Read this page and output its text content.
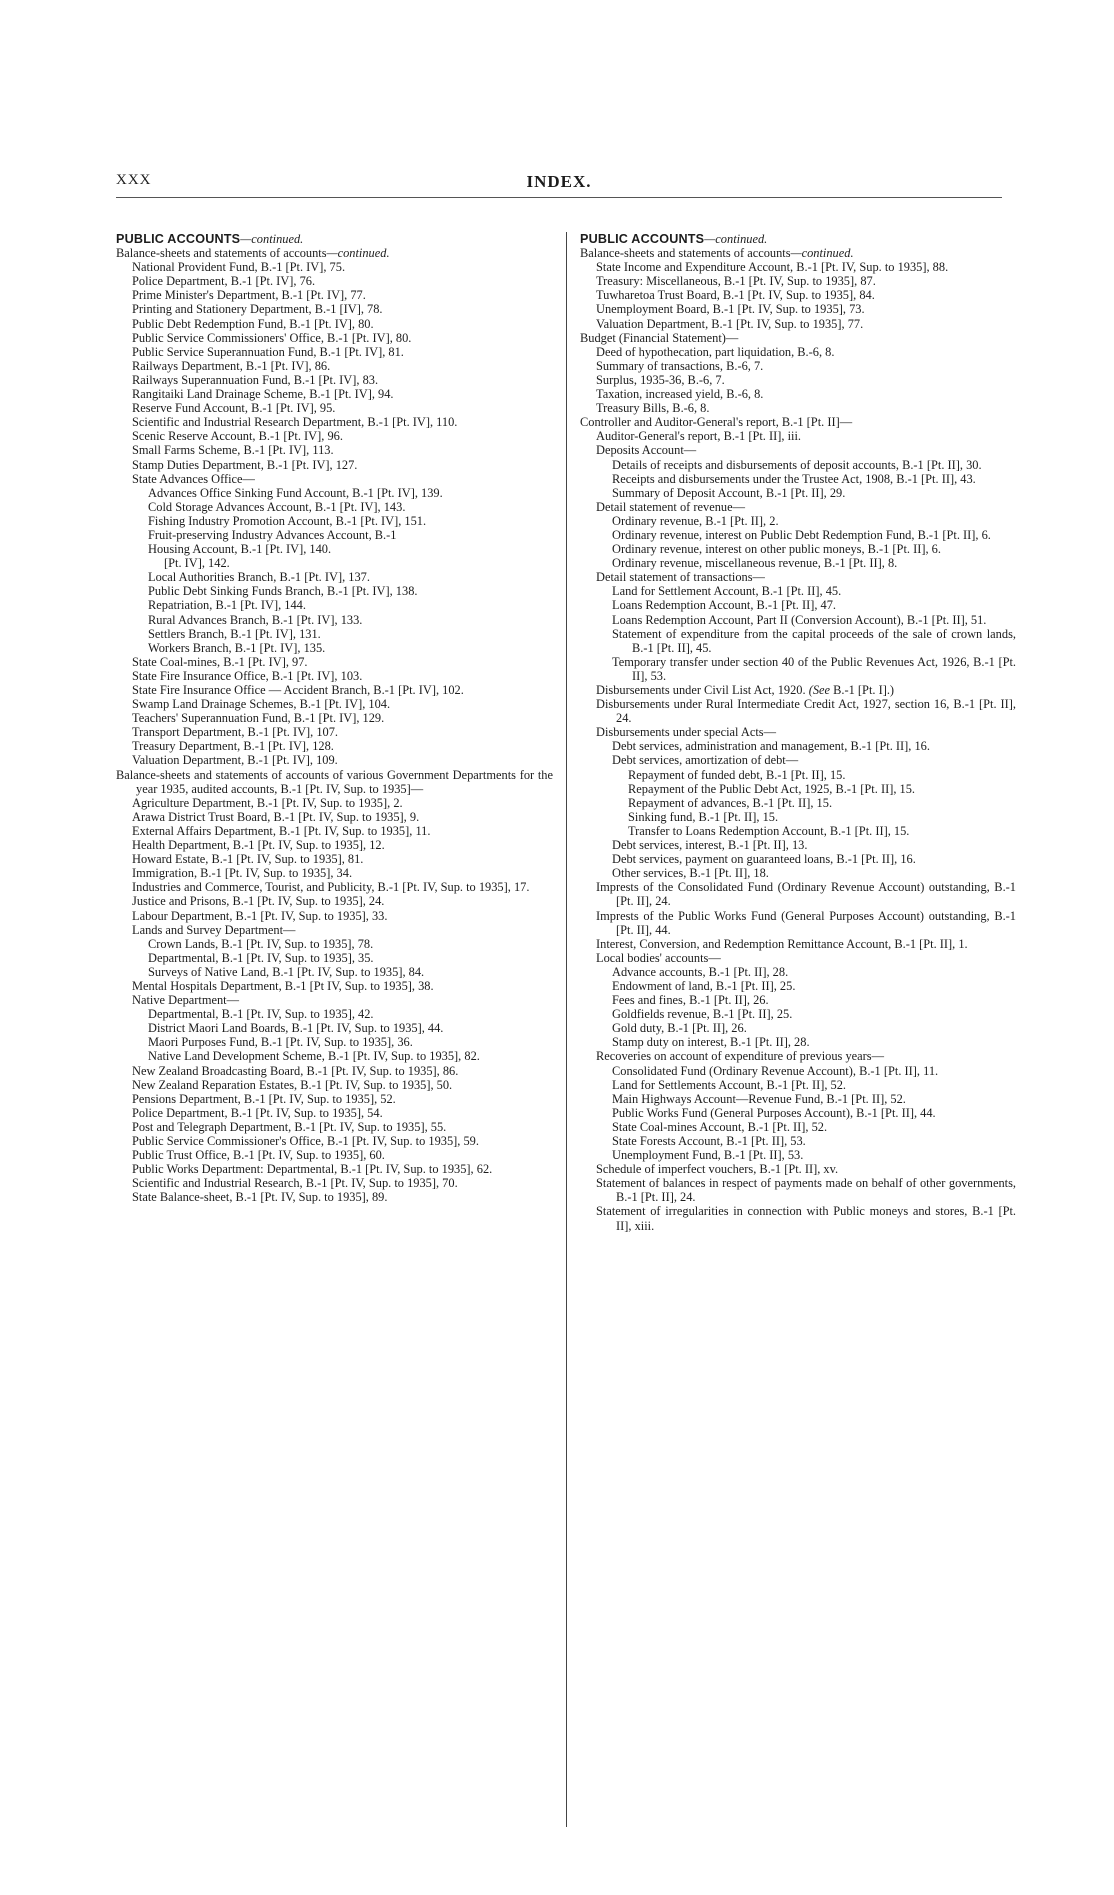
XXX	INDEX.

PUBLIC ACCOUNTS—continued.

Balance-sheets and statements of accounts—continued.

National Provident Fund, B.-1 [Pt. IV], 75.

Police Department, B.-1 [Pt. IV], 76.

Prime Minister's Department, B.-1 [Pt. IV], 77.

Printing and Stationery Department, B.-1 [IV], 78.

Public Debt Redemption Fund, B.-1 [Pt. IV], 80.

Public Service Commissioners' Office, B.-1 [Pt. IV], 80.

Public Service Superannuation Fund, B.-1 [Pt. IV], 81.

Railways Department, B.-1 [Pt. IV], 86.

Railways Superannuation Fund, B.-1 [Pt. IV], 83.

Rangitaiki Land Drainage Scheme, B.-1 [Pt. IV], 94.

Reserve Fund Account, B.-1 [Pt. IV], 95.

Scientific and Industrial Research Department, B.-1 [Pt. IV], 110.

Scenic Reserve Account, B.-1 [Pt. IV], 96.

Small Farms Scheme, B.-1 [Pt. IV], 113.

Stamp Duties Department, B.-1 [Pt. IV], 127.

State Advances Office—

Advances Office Sinking Fund Account, B.-1 [Pt. IV], 139.

Cold Storage Advances Account, B.-1 [Pt. IV], 143.

Fishing Industry Promotion Account, B.-1 [Pt. IV], 151.

Fruit-preserving Industry Advances Account, B.-1

Housing Account, B.-1 [Pt. IV], 140.

[Pt. IV], 142.

Local Authorities Branch, B.-1 [Pt. IV], 137.

Public Debt Sinking Funds Branch, B.-1 [Pt. IV], 138.

Repatriation, B.-1 [Pt. IV], 144.

Rural Advances Branch, B.-1 [Pt. IV], 133.

Settlers Branch, B.-1 [Pt. IV], 131.

Workers Branch, B.-1 [Pt. IV], 135.

State Coal-mines, B.-1 [Pt. IV], 97.

State Fire Insurance Office, B.-1 [Pt. IV], 103.

State Fire Insurance Office — Accident Branch, B.-1 [Pt. IV], 102.

Swamp Land Drainage Schemes, B.-1 [Pt. IV], 104.

Teachers' Superannuation Fund, B.-1 [Pt. IV], 129.

Transport Department, B.-1 [Pt. IV], 107.

Treasury Department, B.-1 [Pt. IV], 128.

Valuation Department, B.-1 [Pt. IV], 109.

Balance-sheets and statements of accounts of various Government Departments for the year 1935, audited accounts, B.-1 [Pt. IV, Sup. to 1935]—

Agriculture Department, B.-1 [Pt. IV, Sup. to 1935], 2.

Arawa District Trust Board, B.-1 [Pt. IV, Sup. to 1935], 9.

External Affairs Department, B.-1 [Pt. IV, Sup. to 1935], 11.

Health Department, B.-1 [Pt. IV, Sup. to 1935], 12.

Howard Estate, B.-1 [Pt. IV, Sup. to 1935], 81.

Immigration, B.-1 [Pt. IV, Sup. to 1935], 34.

Industries and Commerce, Tourist, and Publicity, B.-1 [Pt. IV, Sup. to 1935], 17.

Justice and Prisons, B.-1 [Pt. IV, Sup. to 1935], 24.

Labour Department, B.-1 [Pt. IV, Sup. to 1935], 33.

Lands and Survey Department—

Crown Lands, B.-1 [Pt. IV, Sup. to 1935], 78.

Departmental, B.-1 [Pt. IV, Sup. to 1935], 35.

Surveys of Native Land, B.-1 [Pt. IV, Sup. to 1935], 84.

Mental Hospitals Department, B.-1 [Pt IV, Sup. to 1935], 38.

Native Department—

Departmental, B.-1 [Pt. IV, Sup. to 1935], 42.

District Maori Land Boards, B.-1 [Pt. IV, Sup. to 1935], 44.

Maori Purposes Fund, B.-1 [Pt. IV, Sup. to 1935], 36.

Native Land Development Scheme, B.-1 [Pt. IV, Sup. to 1935], 82.

New Zealand Broadcasting Board, B.-1 [Pt. IV, Sup. to 1935], 86.

New Zealand Reparation Estates, B.-1 [Pt. IV, Sup. to 1935], 50.

Pensions Department, B.-1 [Pt. IV, Sup. to 1935], 52.

Police Department, B.-1 [Pt. IV, Sup. to 1935], 54.

Post and Telegraph Department, B.-1 [Pt. IV, Sup. to 1935], 55.

Public Service Commissioner's Office, B.-1 [Pt. IV, Sup. to 1935], 59.

Public Trust Office, B.-1 [Pt. IV, Sup. to 1935], 60.

Public Works Department: Departmental, B.-1 [Pt. IV, Sup. to 1935], 62.

Scientific and Industrial Research, B.-1 [Pt. IV, Sup. to 1935], 70.

State Balance-sheet, B.-1 [Pt. IV, Sup. to 1935], 89.

PUBLIC ACCOUNTS—continued.

Balance-sheets and statements of accounts—continued.

State Income and Expenditure Account, B.-1 [Pt. IV, Sup. to 1935], 88.

Treasury: Miscellaneous, B.-1 [Pt. IV, Sup. to 1935], 87.

Tuwharetoa Trust Board, B.-1 [Pt. IV, Sup. to 1935], 84.

Unemployment Board, B.-1 [Pt. IV, Sup. to 1935], 73.

Valuation Department, B.-1 [Pt. IV, Sup. to 1935], 77.

Budget (Financial Statement)—

Deed of hypothecation, part liquidation, B.-6, 8.

Summary of transactions, B.-6, 7.

Surplus, 1935-36, B.-6, 7.

Taxation, increased yield, B.-6, 8.

Treasury Bills, B.-6, 8.

Controller and Auditor-General's report, B.-1 [Pt. II]—

Auditor-General's report, B.-1 [Pt. II], iii.

Deposits Account—

Details of receipts and disbursements of deposit accounts, B.-1 [Pt. II], 30.

Receipts and disbursements under the Trustee Act, 1908, B.-1 [Pt. II], 43.

Summary of Deposit Account, B.-1 [Pt. II], 29.

Detail statement of revenue—

Ordinary revenue, B.-1 [Pt. II], 2.

Ordinary revenue, interest on Public Debt Redemption Fund, B.-1 [Pt. II], 6.

Ordinary revenue, interest on other public moneys, B.-1 [Pt. II], 6.

Ordinary revenue, miscellaneous revenue, B.-1 [Pt. II], 8.

Detail statement of transactions—

Land for Settlement Account, B.-1 [Pt. II], 45.

Loans Redemption Account, B.-1 [Pt. II], 47.

Loans Redemption Account, Part II (Conversion Account), B.-1 [Pt. II], 51.

Statement of expenditure from the capital proceeds of the sale of crown lands, B.-1 [Pt. II], 45.

Temporary transfer under section 40 of the Public Revenues Act, 1926, B.-1 [Pt. II], 53.

Disbursements under Civil List Act, 1920. (See B.-1 [Pt. I].)

Disbursements under Rural Intermediate Credit Act, 1927, section 16, B.-1 [Pt. II], 24.

Disbursements under special Acts—

Debt services, administration and management, B.-1 [Pt. II], 16.

Debt services, amortization of debt—

Repayment of funded debt, B.-1 [Pt. II], 15.

Repayment of the Public Debt Act, 1925, B.-1 [Pt. II], 15.

Repayment of advances, B.-1 [Pt. II], 15.

Sinking fund, B.-1 [Pt. II], 15.

Transfer to Loans Redemption Account, B.-1 [Pt. II], 15.

Debt services, interest, B.-1 [Pt. II], 13.

Debt services, payment on guaranteed loans, B.-1 [Pt. II], 16.

Other services, B.-1 [Pt. II], 18.

Imprests of the Consolidated Fund (Ordinary Revenue Account) outstanding, B.-1 [Pt. II], 24.

Imprests of the Public Works Fund (General Purposes Account) outstanding, B.-1 [Pt. II], 44.

Interest, Conversion, and Redemption Remittance Account, B.-1 [Pt. II], 1.

Local bodies' accounts—

Advance accounts, B.-1 [Pt. II], 28.

Endowment of land, B.-1 [Pt. II], 25.

Fees and fines, B.-1 [Pt. II], 26.

Goldfields revenue, B.-1 [Pt. II], 25.

Gold duty, B.-1 [Pt. II], 26.

Stamp duty on interest, B.-1 [Pt. II], 28.

Recoveries on account of expenditure of previous years—

Consolidated Fund (Ordinary Revenue Account), B.-1 [Pt. II], 11.

Land for Settlements Account, B.-1 [Pt. II], 52.

Main Highways Account—Revenue Fund, B.-1 [Pt. II], 52.

Public Works Fund (General Purposes Account), B.-1 [Pt. II], 44.

State Coal-mines Account, B.-1 [Pt. II], 52.

State Forests Account, B.-1 [Pt. II], 53.

Unemployment Fund, B.-1 [Pt. II], 53.

Schedule of imperfect vouchers, B.-1 [Pt. II], xv.

Statement of balances in respect of payments made on behalf of other governments, B.-1 [Pt. II], 24.

Statement of irregularities in connection with Public moneys and stores, B.-1 [Pt. II], xiii.
